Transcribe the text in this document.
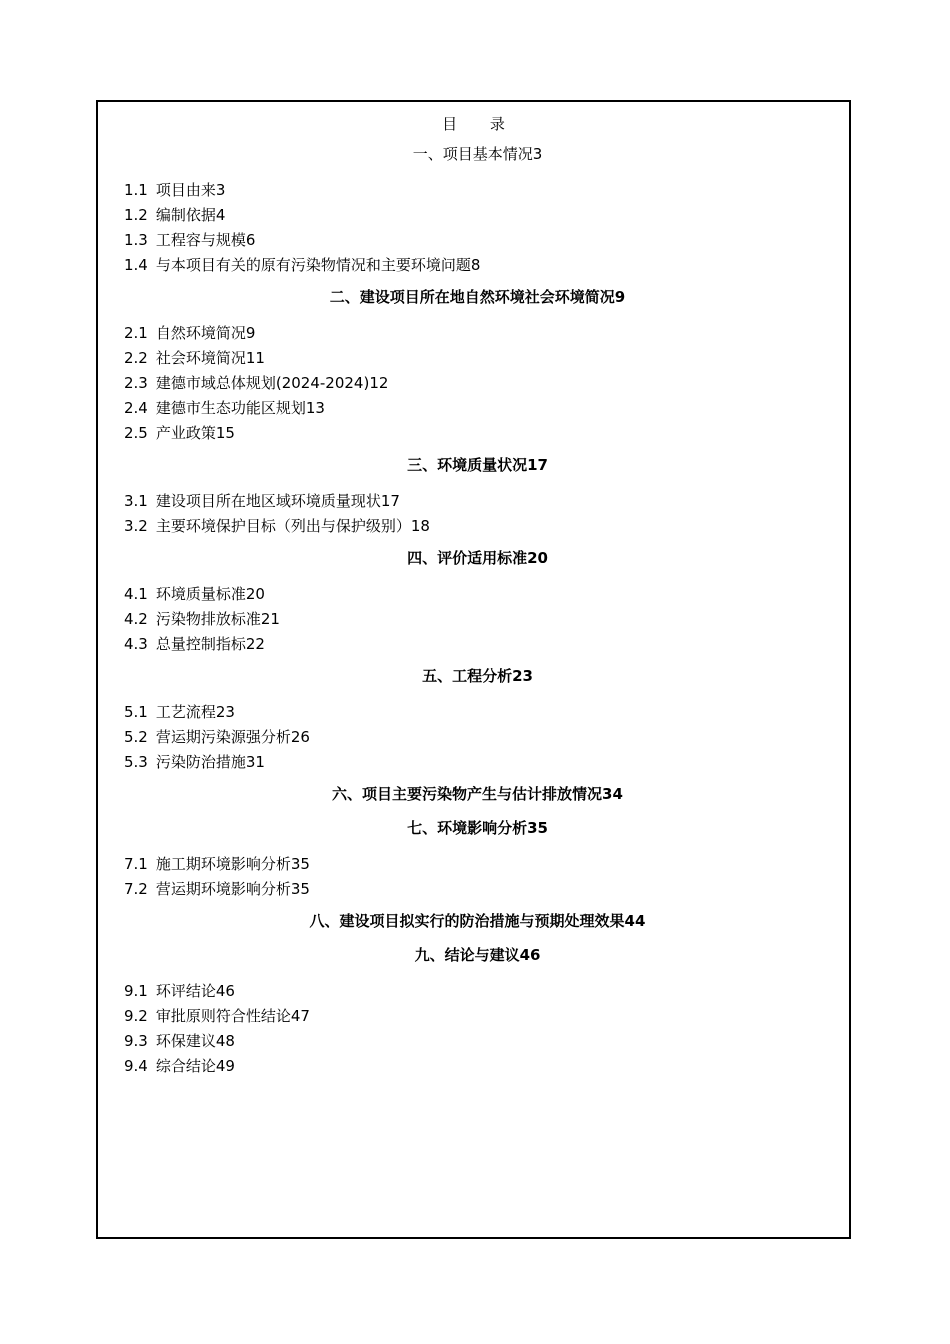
目 录
一、项目基本情况3
1.1 项目由来3
1.2 编制依据4
1.3 工程容与规模6
1.4 与本项目有关的原有污染物情况和主要环境问题8
二、建设项目所在地自然环境社会环境简况9
2.1 自然环境简况9
2.2 社会环境简况11
2.3 建德市域总体规划(2024-2024)12
2.4 建德市生态功能区规划13
2.5 产业政策15
三、环境质量状况17
3.1 建设项目所在地区域环境质量现状17
3.2 主要环境保护目标（列出与保护级别）18
四、评价适用标准20
4.1 环境质量标准20
4.2 污染物排放标准21
4.3 总量控制指标22
五、工程分析23
5.1 工艺流程23
5.2 营运期污染源强分析26
5.3 污染防治措施31
六、项目主要污染物产生与估计排放情况34
七、环境影响分析35
7.1 施工期环境影响分析35
7.2 营运期环境影响分析35
八、建设项目拟实行的防治措施与预期处理效果44
九、结论与建议46
9.1 环评结论46
9.2 审批原则符合性结论47
9.3 环保建议48
9.4 综合结论49
